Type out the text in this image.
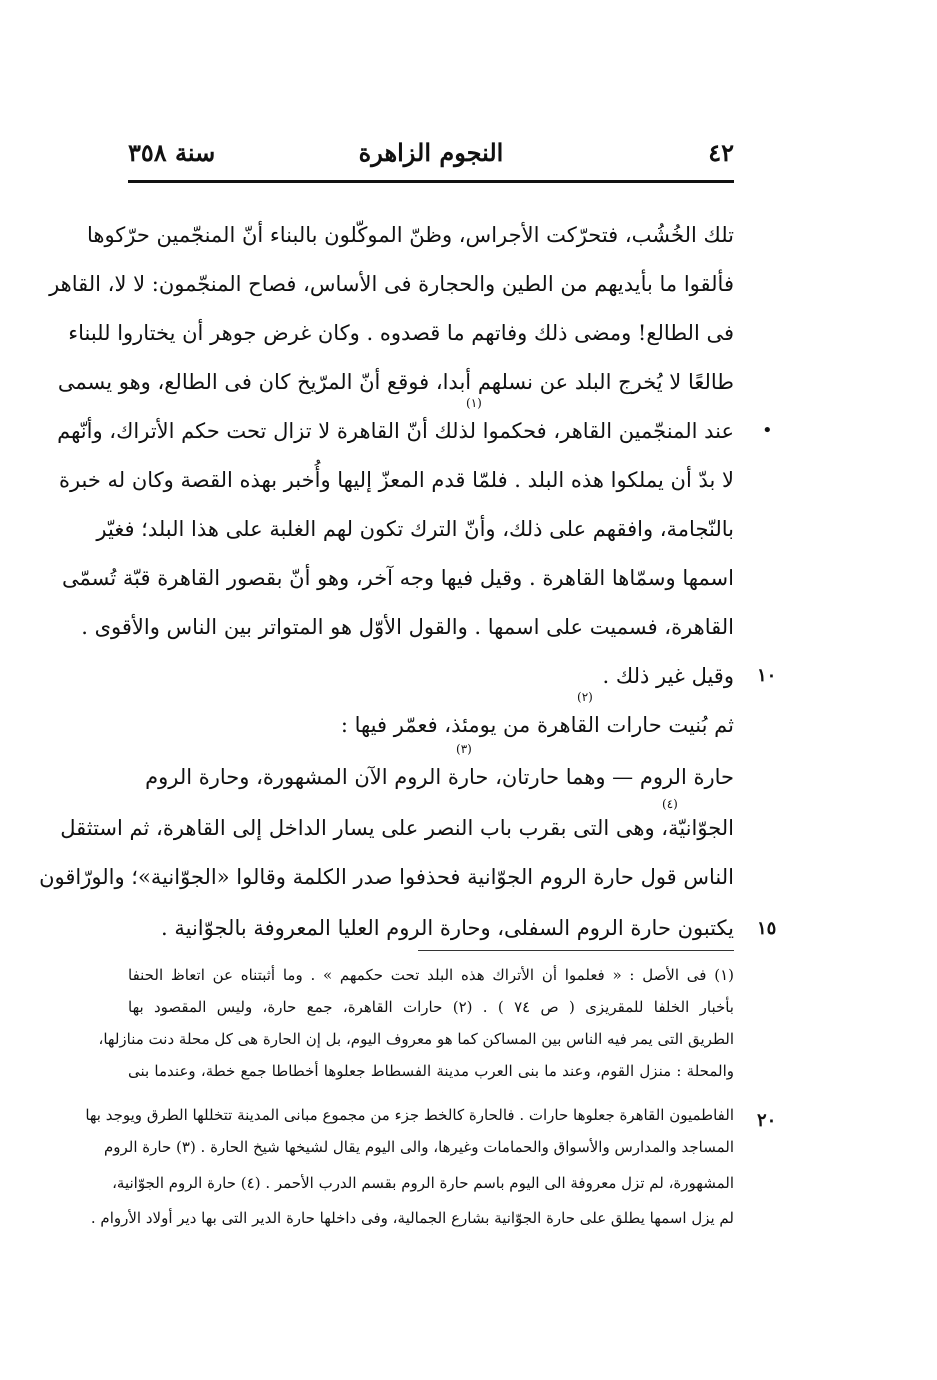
سنة ٣٥٨	النجوم الزاهرة	٤٢
تلك الخُشُب، فتحرّكت الأجراس، وظنّ الموكّلون بالبناء أنّ المنجّمين حرّكوها
فألقوا ما بأيديهم من الطين والحجارة فى الأساس، فصاح المنجّمون: لا لا، القاهر
فى الطالع! ومضى ذلك وفاتهم ما قصدوه . وكان غرض جوهر أن يختاروا للبناء
طالعًا لا يُخرج البلد عن نسلهم أبدا، فوقع أنّ المرّيخ كان فى الطالع، وهو يسمى
عند المنجّمين القاهر، فحكموا لذلك أنّ القاهرة لا تزال تحت حكم الأتراك، وأنّهم
لا بدّ أن يملكوا هذه البلد . فلمّا قدم المعزّ إليها وأُخبر بهذه القصة وكان له خبرة
بالنّجامة، وافقهم على ذلك، وأنّ الترك تكون لهم الغلبة على هذا البلد؛ فغيّر
اسمها وسمّاها القاهرة . وقيل فيها وجه آخر، وهو أنّ بقصور القاهرة قبّة تُسمّى
القاهرة، فسميت على اسمها . والقول الأوّل هو المتواتر بين الناس والأقوى .
وقيل غير ذلك .
ثم بُنيت حارات القاهرة من يومئذ، فعمّر فيها :
حارة الروم — وهما حارتان، حارة الروم الآن المشهورة، وحارة الروم
الجوّانيّة، وهى التى بقرب باب النصر على يسار الداخل إلى القاهرة، ثم استثقل
الناس قول حارة الروم الجوّانية فحذفوا صدر الكلمة وقالوا «الجوّانية»؛ والورّاقون
يكتبون حارة الروم السفلى، وحارة الروم العليا المعروفة بالجوّانية .
(١)
(٢)
(٣)
(٤)
•
١٠
١٥
٢٠
(١) فى الأصل : « فعلموا أن الأتراك هذه البلد تحت حكمهم » . وما أثبتناه عن اتعاظ الحنفا
بأخبار الخلفا للمقريزى ( ص ٧٤ ) . (٢) حارات القاهرة، جمع حارة، وليس المقصود بها
الطريق التى يمر فيه الناس بين المساكن كما هو معروف اليوم، بل إن الحارة هى كل محلة دنت منازلها،
والمحلة : منزل القوم، وعند ما بنى العرب مدينة الفسطاط جعلوها أخطاطا جمع خطة، وعندما بنى
الفاطميون القاهرة جعلوها حارات . فالحارة كالخط جزء من مجموع مبانى المدينة تتخللها الطرق ويوجد بها
المساجد والمدارس والأسواق والحمامات وغيرها، والى اليوم يقال لشيخها شيخ الحارة . (٣) حارة الروم
المشهورة، لم تزل معروفة الى اليوم باسم حارة الروم بقسم الدرب الأحمر . (٤) حارة الروم الجوّانية،
لم يزل اسمها يطلق على حارة الجوّانية بشارع الجمالية، وفى داخلها حارة الدير التى بها دير أولاد الأروام .
